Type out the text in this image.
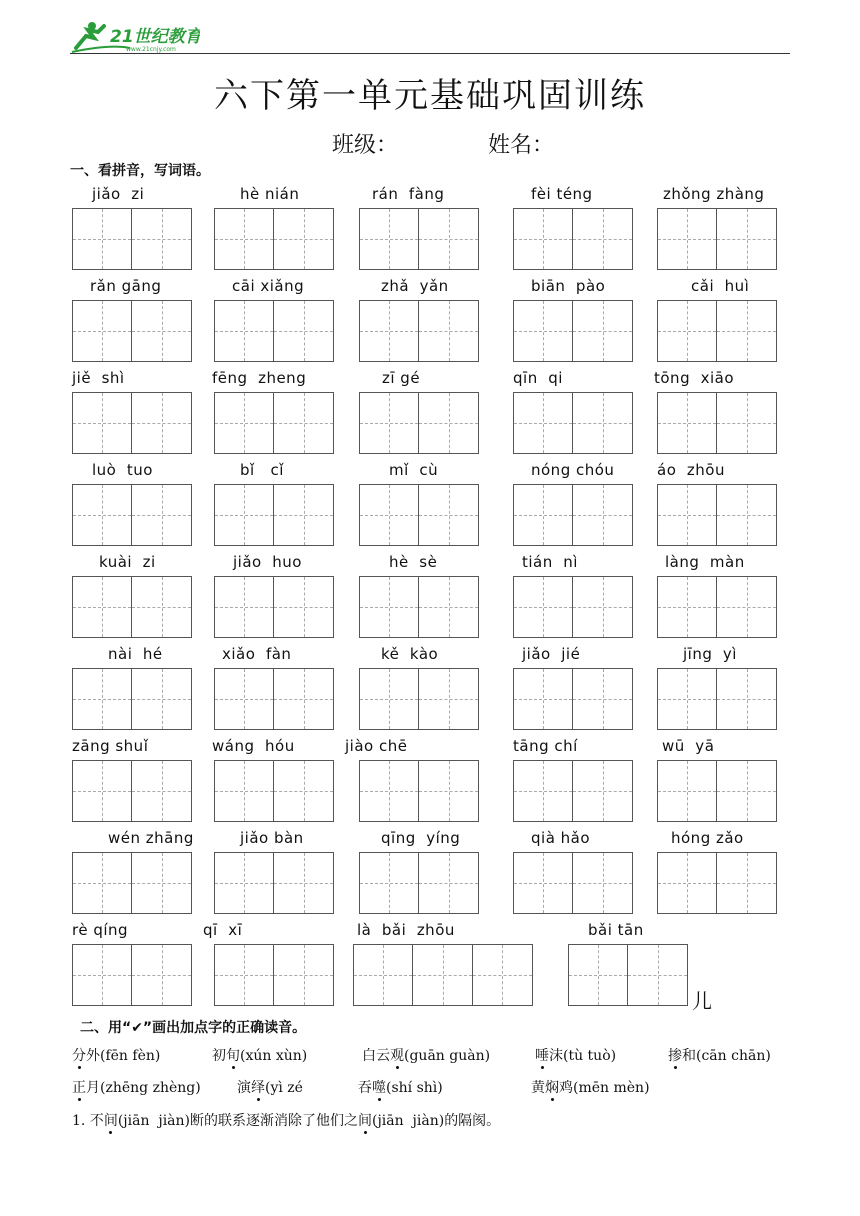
21世纪教育
www.21cnjy.com
六下第一单元基础巩固训练
班级：	姓名：
一、看拼音，写词语。
jiǎo  zi	hè nián	rán  fàng	fèi téng	zhǒng zhàng
rǎn gāng	cāi xiǎng	zhǎ  yǎn	biān  pào	cǎi  huì
jiě  shì	fēng  zheng	zī gé	qīn  qi	tōng  xiāo
luò  tuo	bǐ   cǐ	mǐ  cù	nóng chóu	áo  zhōu
kuài  zi	jiǎo  huo	hè  sè	tián  nì	làng  màn
nài  hé	xiǎo  fàn	kě  kào	jiǎo  jié	jīng  yì
zāng shuǐ	wáng  hóu	jiào chē	tāng chí	wū  yā
wén zhāng	jiǎo bàn	qīng  yíng	qià hǎo	hóng zǎo
rè qíng	qī  xī	là  bǎi  zhōu	bǎi tān
儿
二、用“✔”画出加点字的正确读音。
分外(fēn fèn)	初旬(xún xùn)	白云观(guān guàn)	唾沫(tù tuò)	掺和(cān chān)
正月(zhēng zhèng)	演绎(yì zé	吞噬(shí shì)	黄焖鸡(mēn mèn)
1. 不间(jiān  jiàn)断的联系逐渐消除了他们之间(jiān  jiàn)的隔阂。
